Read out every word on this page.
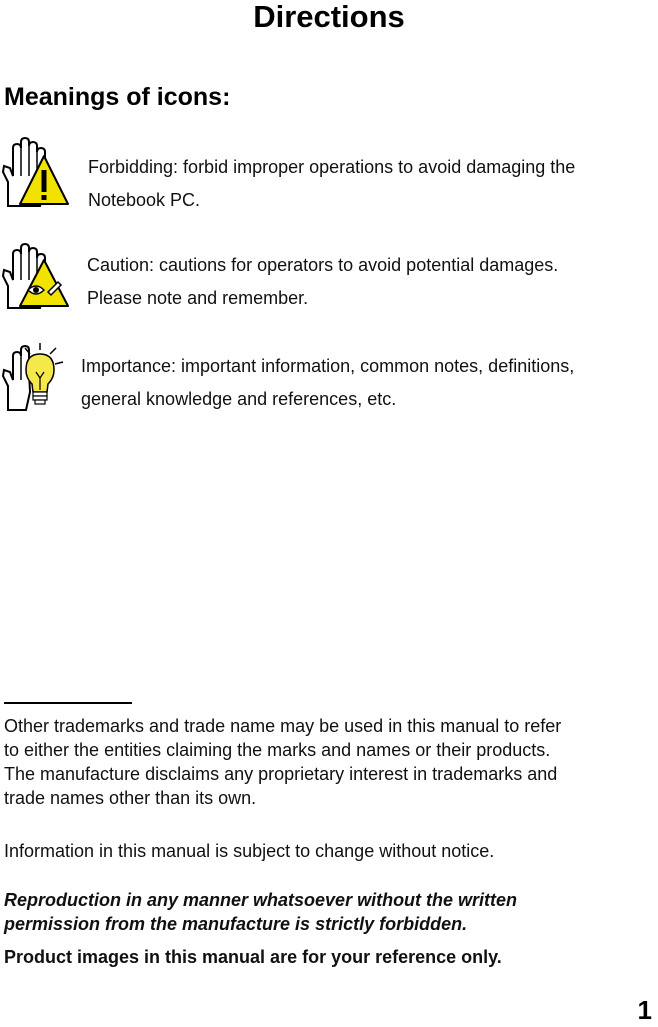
Directions
Meanings of icons:
Forbidding: forbid improper operations to avoid damaging the
Notebook PC.
Caution: cautions for operators to avoid potential damages.
Please note and remember.
Importance: important information, common notes, definitions,
general knowledge and references, etc.
Other trademarks and trade name may be used in this manual to refer
to either the entities claiming the marks and names or their products.
The manufacture disclaims any proprietary interest in trademarks and
trade names other than its own.
Information in this manual is subject to change without notice.
Reproduction in any manner whatsoever without the written
permission from the manufacture is strictly forbidden.
Product images in this manual are for your reference only.
1
